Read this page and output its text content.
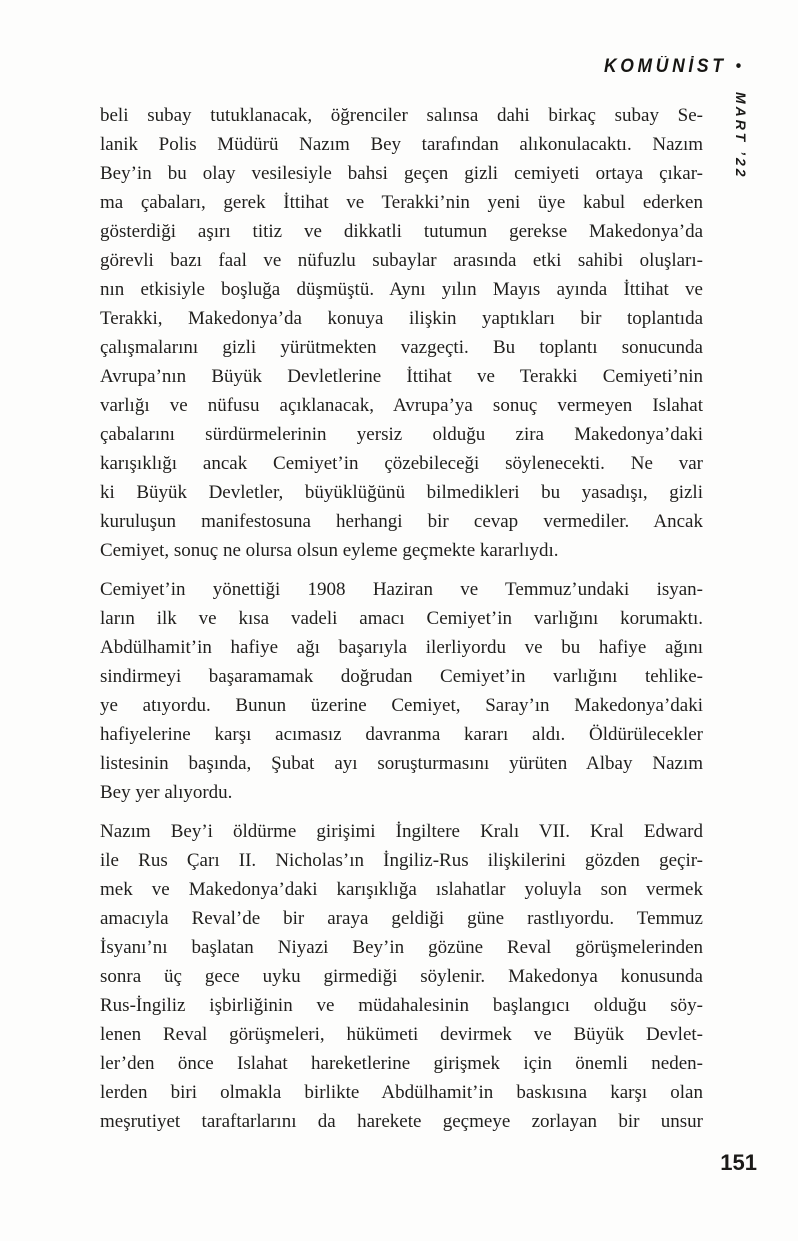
KOMÜNİST •
MART ’22
beli subay tutuklanacak, öğrenciler salınsa dahi birkaç subay Se-
lanik Polis Müdürü Nazım Bey tarafından alıkonulacaktı. Nazım
Bey’in bu olay vesilesiyle bahsi geçen gizli cemiyeti ortaya çıkar-
ma çabaları, gerek İttihat ve Terakki’nin yeni üye kabul ederken
gösterdiği aşırı titiz ve dikkatli tutumun gerekse Makedonya’da
görevli bazı faal ve nüfuzlu subaylar arasında etki sahibi oluşları-
nın etkisiyle boşluğa düşmüştü. Aynı yılın Mayıs ayında İttihat ve
Terakki, Makedonya’da konuya ilişkin yaptıkları bir toplantıda
çalışmalarını gizli yürütmekten vazgeçti. Bu toplantı sonucunda
Avrupa’nın Büyük Devletlerine İttihat ve Terakki Cemiyeti’nin
varlığı ve nüfusu açıklanacak, Avrupa’ya sonuç vermeyen Islahat
çabalarını sürdürmelerinin yersiz olduğu zira Makedonya’daki
karışıklığı ancak Cemiyet’in çözebileceği söylenecekti. Ne var
ki Büyük Devletler, büyüklüğünü bilmedikleri bu yasadışı, gizli
kuruluşun manifestosuna herhangi bir cevap vermediler. Ancak
Cemiyet, sonuç ne olursa olsun eyleme geçmekte kararlıydı.
Cemiyet’in yönettiği 1908 Haziran ve Temmuz’undaki isyan-
ların ilk ve kısa vadeli amacı Cemiyet’in varlığını korumaktı.
Abdülhamit’in hafiye ağı başarıyla ilerliyordu ve bu hafiye ağını
sindirmeyi başaramamak doğrudan Cemiyet’in varlığını tehlike-
ye atıyordu. Bunun üzerine Cemiyet, Saray’ın Makedonya’daki
hafiyelerine karşı acımasız davranma kararı aldı. Öldürülecekler
listesinin başında, Şubat ayı soruşturmasını yürüten Albay Nazım
Bey yer alıyordu.
Nazım Bey’i öldürme girişimi İngiltere Kralı VII. Kral Edward
ile Rus Çarı II. Nicholas’ın İngiliz-Rus ilişkilerini gözden geçir-
mek ve Makedonya’daki karışıklığa ıslahatlar yoluyla son vermek
amacıyla Reval’de bir araya geldiği güne rastlıyordu. Temmuz
İsyanı’nı başlatan Niyazi Bey’in gözüne Reval görüşmelerinden
sonra üç gece uyku girmediği söylenir. Makedonya konusunda
Rus-İngiliz işbirliğinin ve müdahalesinin başlangıcı olduğu söy-
lenen Reval görüşmeleri, hükümeti devirmek ve Büyük Devlet-
ler’den önce Islahat hareketlerine girişmek için önemli neden-
lerden biri olmakla birlikte Abdülhamit’in baskısına karşı olan
meşrutiyet taraftarlarını da harekete geçmeye zorlayan bir unsur
151
